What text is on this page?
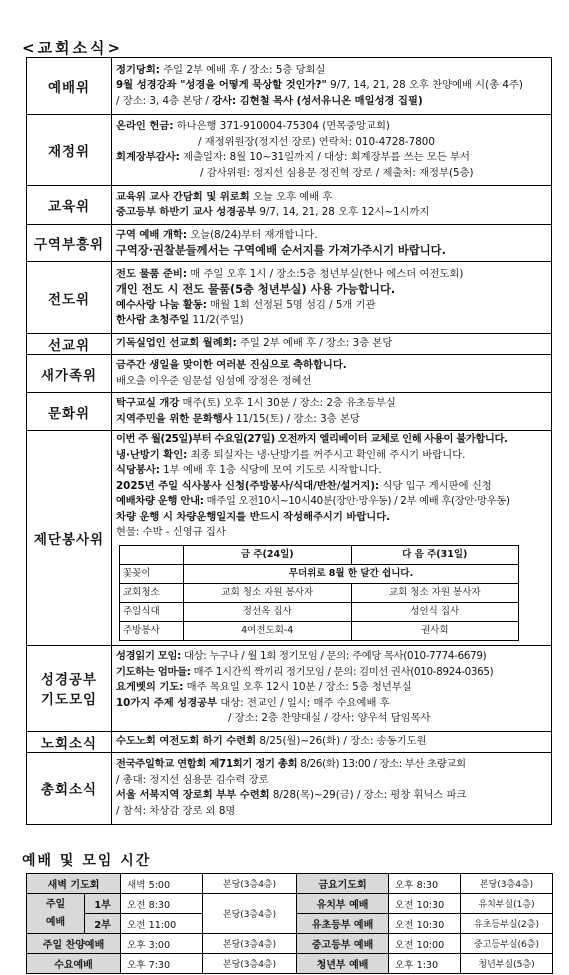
<교회소식>
예배위	
정기당회: 주일 2부 예배 후 / 장소: 5층 당회실
9월 성경강좌 "성경을 어떻게 묵상할 것인가?" 9/7, 14, 21, 28 오후 찬양예배 시(총 4주)
/ 장소: 3, 4층 본당 / 강사: 김현철 목사 (성서유니온 매일성경 집필)

재정위	
온라인 헌금: 하나은행 371-910004-75304 (면목중앙교회)
/ 재정위원장(정지선 장로) 연락처: 010-4728-7800
회계장부감사: 제출일자: 8월 10~31일까지 / 대상: 회계장부를 쓰는 모든 부서
/ 감사위원: 정지선 심용문 정진혁 장로 / 제출처: 재정부(5층)

교육위	
교육위 교사 간담회 및 위로회 오늘 오후 예배 후
중고등부 하반기 교사 성경공부 9/7, 14, 21, 28 오후 12시~1시까지

구역부흥위	
구역 예배 개학: 오늘(8/24)부터 재개합니다.
구역장·권찰분들께서는 구역예배 순서지를 가져가주시기 바랍니다.

전도위	
전도 물품 준비: 매 주일 오후 1시 / 장소:5층 청년부실(한나 에스더 여전도회)
개인 전도 시 전도 물품(5층 청년부실) 사용 가능합니다.
예수사랑 나눔 활동: 매월 1회 선정된 5명 섬김 / 5개 기관
한사람 초청주일 11/2(주일)

선교위	기독실업인 선교회 월례회: 주일 2부 예배 후 / 장소: 3층 본당

새가족위	
금주간 생일을 맞이한 여러분 진심으로 축하합니다.
배오출 이우준 임문섭 임섬예 장정은 정혜선

문화위	
탁구교실 개강 매주(토) 오후 1시 30분 / 장소: 2층 유초등부실
지역주민을 위한 문화행사 11/15(토) / 장소: 3층 본당

제단봉사위	
이번 주 월(25일)부터 수요일(27일) 오전까지 엘리베이터 교체로 인해 사용이 불가합니다.
냉·난방기 확인: 최종 퇴실자는 냉·난방기를 꺼주시고 확인해 주시기 바랍니다.
식당봉사: 1부 예배 후 1층 식당에 모여 기도로 시작합니다.
2025년 주일 식사봉사 신청(주방봉사/식대/반찬/설거지): 식당 입구 게시판에 신청
예배차량 운행 안내: 매주일 오전10시~10시40분(장안·망우동) / 2부 예배 후(장안·망우동)
차량 운행 시 차량운행일지를 반드시 작성해주시기 바랍니다.
현물: 수박 - 신영규 집사
	금 주(24일)	다 음 주(31일)
꽃꽂이	무더위로 8월 한 달간 쉽니다.
교회청소	교회 청소 자원 봉사자	교회 청소 자원 봉사자
주일식대	정선옥 집사	성인식 집사
주방봉사	4여전도회-4	권사회

성경공부
기도모임

성경읽기 모임: 대상: 누구나 / 월 1회 정기모임 / 문의: 주예당 목사(010-7774-6679)
기도하는 엄마들: 매주 1시간씩 짝끼리 정기모임 / 문의: 김미선 권사(010-8924-0365)
요게벳의 기도: 매주 목요일 오후 12시 10분 / 장소: 5층 청년부실
10가지 주제 성경공부 대상: 전교인 / 일시: 매주 수요예배 후
/ 장소: 2층 찬양대실 / 강사: 양우석 담임목사

노회소식	수도노회 여전도회 하기 수련회 8/25(월)~26(화) / 장소: 송동기도원

총회소식	
전국주일학교 연합회 제71회기 정기 총회 8/26(화) 13:00 / 장소: 부산 초량교회
/ 총대: 정지선 심용문 김수력 장로
서울 서북지역 장로회 부부 수련회 8/28(목)~29(금) / 장소: 평창 휘닉스 파크
/ 참석: 차상감 장로 외 8명
예배 및 모임 시간
새벽 기도회		새벽 5:00	본당(3층4층)	금요기도회	오후 8:30	본당(3층4층)
주일
예배	1부	오전 8:30	본당(3층4층)	유치부 예배	오전 10:30	유치부실(1층)
	2부	오전 11:00		유초등부 예배	오전 10:30	유초등부실(2층)
주일 찬양예배		오후 3:00	본당(3층4층)	중고등부 예배	오전 10:00	중고등부실(6층)
수요예배		오후 7:30	본당(3층4층)	청년부 예배	오후 1:30	청년부실(5층)
